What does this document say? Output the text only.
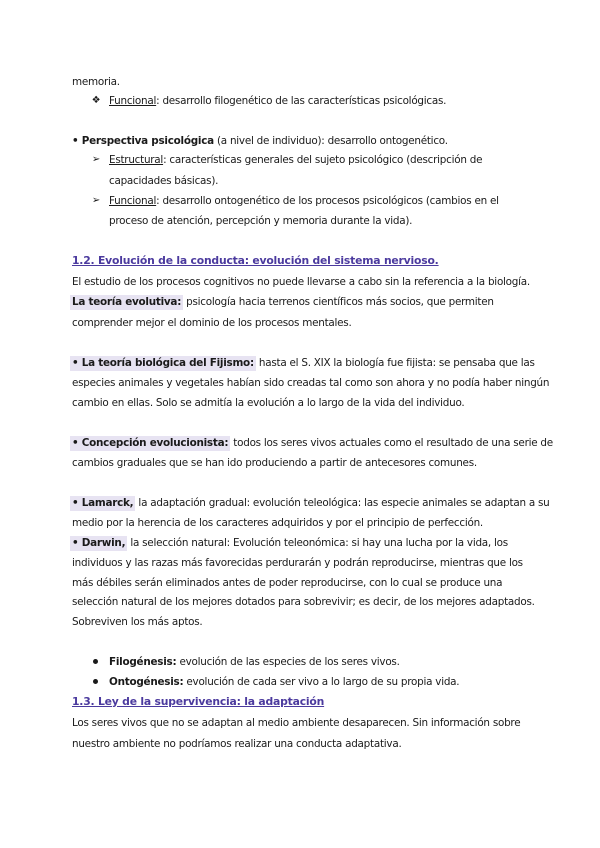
memoria.
❖ Funcional: desarrollo filogenético de las características psicológicas.
• Perspectiva psicológica (a nivel de individuo): desarrollo ontogenético.
➢ Estructural: características generales del sujeto psicológico (descripción de
capacidades básicas).
➢ Funcional: desarrollo ontogenético de los procesos psicológicos (cambios en el
proceso de atención, percepción y memoria durante la vida).
1.2. Evolución de la conducta: evolución del sistema nervioso.
El estudio de los procesos cognitivos no puede llevarse a cabo sin la referencia a la biología.
La teoría evolutiva: psicología hacia terrenos científicos más socios, que permiten
comprender mejor el dominio de los procesos mentales.
• La teoría biológica del Fijismo: hasta el S. XIX la biología fue fijista: se pensaba que las
especies animales y vegetales habían sido creadas tal como son ahora y no podía haber ningún
cambio en ellas. Solo se admitía la evolución a lo largo de la vida del individuo.
• Concepción evolucionista: todos los seres vivos actuales como el resultado de una serie de
cambios graduales que se han ido produciendo a partir de antecesores comunes.
• Lamarck, la adaptación gradual: evolución teleológica: las especie animales se adaptan a su
medio por la herencia de los caracteres adquiridos y por el principio de perfección.
• Darwin, la selección natural: Evolución teleonómica: si hay una lucha por la vida, los
individuos y las razas más favorecidas perdurarán y podrán reproducirse, mientras que los
más débiles serán eliminados antes de poder reproducirse, con lo cual se produce una
selección natural de los mejores dotados para sobrevivir; es decir, de los mejores adaptados.
Sobreviven los más aptos.
Filogénesis: evolución de las especies de los seres vivos.
Ontogénesis: evolución de cada ser vivo a lo largo de su propia vida.
1.3. Ley de la supervivencia: la adaptación
Los seres vivos que no se adaptan al medio ambiente desaparecen. Sin información sobre
nuestro ambiente no podríamos realizar una conducta adaptativa.
